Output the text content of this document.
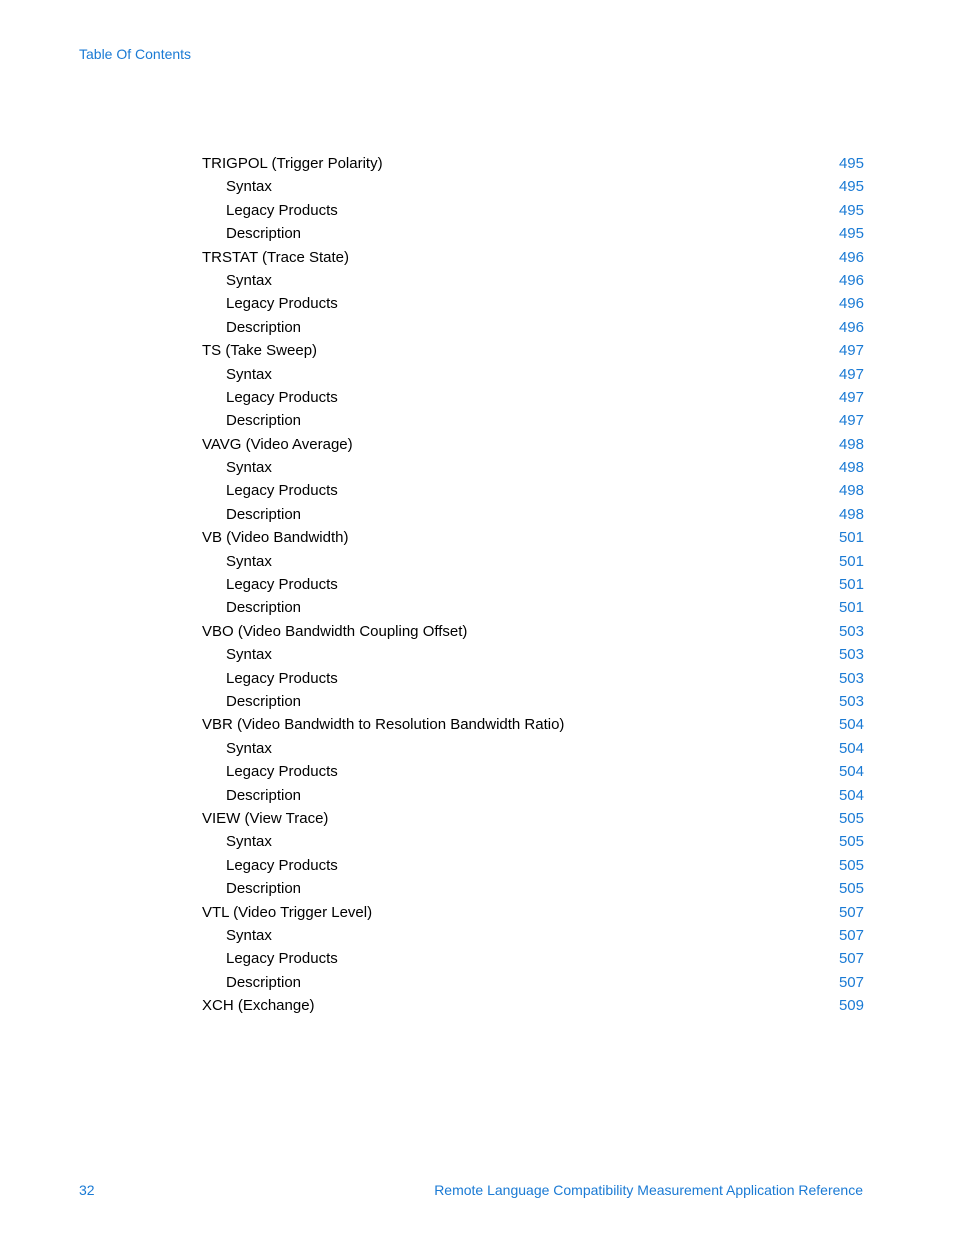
Table Of Contents
TRIGPOL (Trigger Polarity)	495
Syntax	495
Legacy Products	495
Description	495
TRSTAT (Trace State)	496
Syntax	496
Legacy Products	496
Description	496
TS (Take Sweep)	497
Syntax	497
Legacy Products	497
Description	497
VAVG (Video Average)	498
Syntax	498
Legacy Products	498
Description	498
VB (Video Bandwidth)	501
Syntax	501
Legacy Products	501
Description	501
VBO (Video Bandwidth Coupling Offset)	503
Syntax	503
Legacy Products	503
Description	503
VBR (Video Bandwidth to Resolution Bandwidth Ratio)	504
Syntax	504
Legacy Products	504
Description	504
VIEW (View Trace)	505
Syntax	505
Legacy Products	505
Description	505
VTL (Video Trigger Level)	507
Syntax	507
Legacy Products	507
Description	507
XCH (Exchange)	509
32	Remote Language Compatibility Measurement Application Reference
